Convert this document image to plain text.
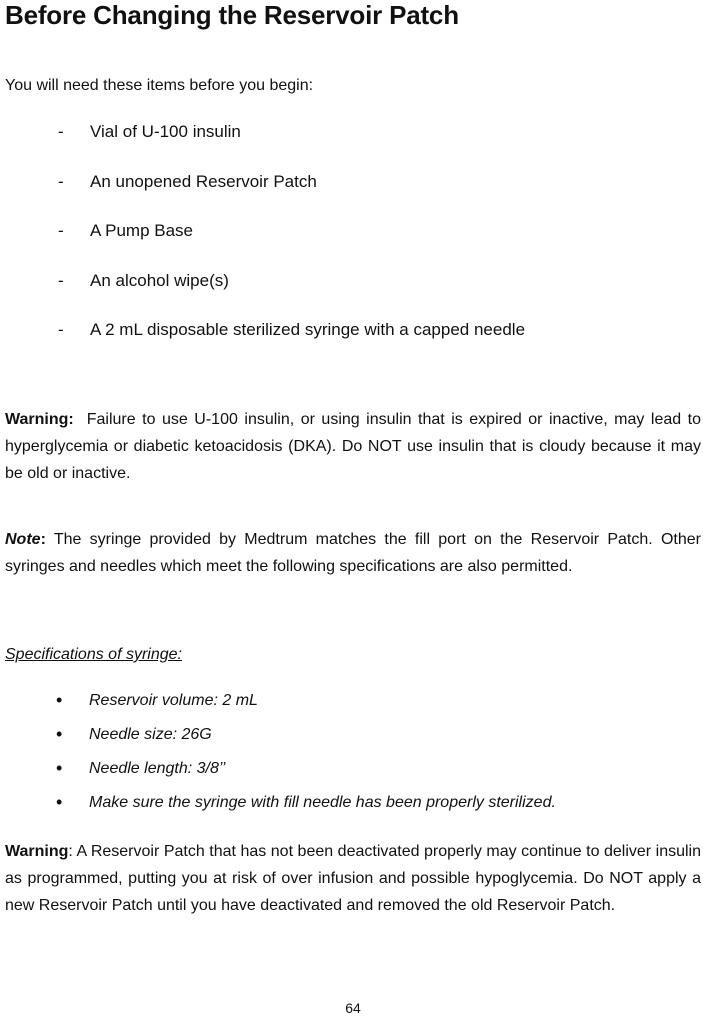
Before Changing the Reservoir Patch
You will need these items before you begin:
- Vial of U-100 insulin
- An unopened Reservoir Patch
- A Pump Base
- An alcohol wipe(s)
- A 2 mL disposable sterilized syringe with a capped needle

Warning: Failure to use U-100 insulin, or using insulin that is expired or inactive, may lead to hyperglycemia or diabetic ketoacidosis (DKA). Do NOT use insulin that is cloudy because it may be old or inactive.

Note: The syringe provided by Medtrum matches the fill port on the Reservoir Patch. Other syringes and needles which meet the following specifications are also permitted.

Specifications of syringe:
• Reservoir volume: 2 mL
• Needle size: 26G
• Needle length: 3/8’’
• Make sure the syringe with fill needle has been properly sterilized.

Warning: A Reservoir Patch that has not been deactivated properly may continue to deliver insulin as programmed, putting you at risk of over infusion and possible hypoglycemia. Do NOT apply a new Reservoir Patch until you have deactivated and removed the old Reservoir Patch.

64
